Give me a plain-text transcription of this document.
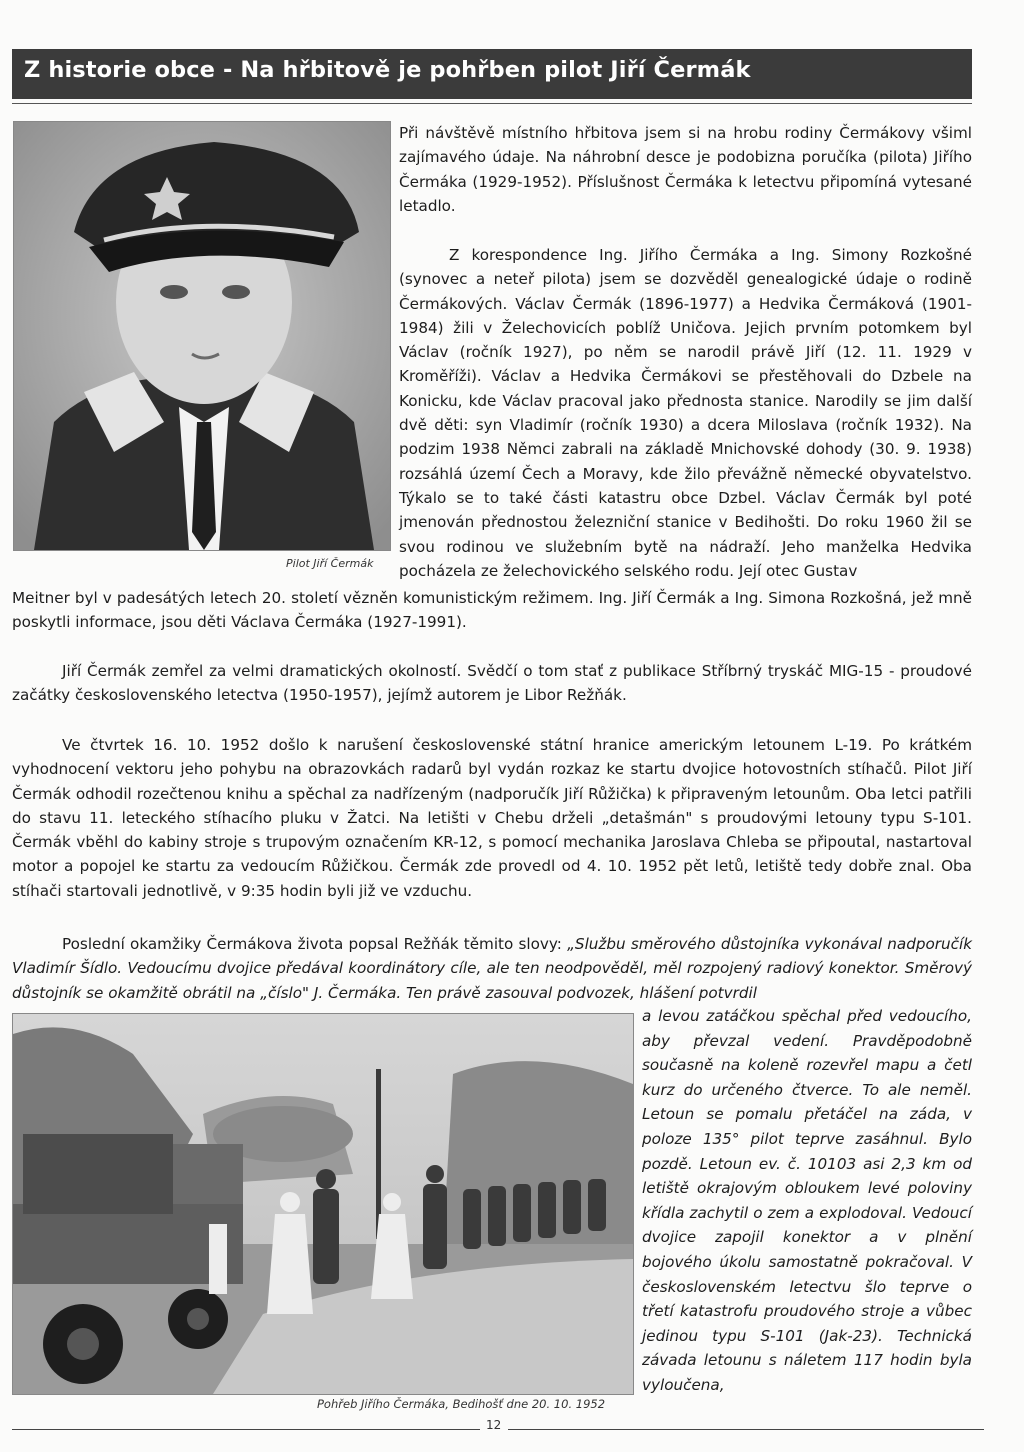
Z historie obce - Na hřbitově je pohřben pilot Jiří Čermák
Pilot Jiří Čermák
Při návštěvě místního hřbitova jsem si na hrobu rodiny Čermákovy všiml zajímavého údaje. Na náhrobní desce je podobizna poručíka (pilota) Jiřího Čermáka (1929-1952). Příslušnost Čermáka k letectvu připomíná vytesané letadlo.
Z korespondence Ing. Jiřího Čermáka a Ing. Simony Rozkošné (synovec a neteř pilota) jsem se dozvěděl genealogické údaje o rodině Čermákových. Václav Čermák (1896-1977) a Hedvika Čermáková (1901-1984) žili v Želechovicích poblíž Uničova. Jejich prvním potomkem byl Václav (ročník 1927), po něm se narodil právě Jiří (12. 11. 1929 v Kroměříži). Václav a Hedvika Čermákovi se přestěhovali do Dzbele na Konicku, kde Václav pracoval jako přednosta stanice. Narodily se jim další dvě děti: syn Vladimír (ročník 1930) a dcera Miloslava (ročník 1932). Na podzim 1938 Němci zabrali na základě Mnichovské dohody (30. 9. 1938) rozsáhlá území Čech a Moravy, kde žilo převážně německé obyvatelstvo. Týkalo se to také části katastru obce Dzbel. Václav Čermák byl poté jmenován přednostou železniční stanice v Bedihošti. Do roku 1960 žil se svou rodinou ve služebním bytě na nádraží. Jeho manželka Hedvika pocházela ze želechovického selského rodu. Její otec Gustav
Meitner byl v padesátých letech 20. století vězněn komunistickým režimem. Ing. Jiří Čermák a Ing. Simona Rozkošná, jež mně poskytli informace, jsou děti Václava Čermáka (1927-1991).
Jiří Čermák zemřel za velmi dramatických okolností. Svědčí o tom stať z publikace Stříbrný tryskáč MIG-15 - proudové začátky československého letectva (1950-1957), jejímž autorem je Libor Režňák.
Ve čtvrtek 16. 10. 1952 došlo k narušení československé státní hranice americkým letounem L-19. Po krátkém vyhodnocení vektoru jeho pohybu na obrazovkách radarů byl vydán rozkaz ke startu dvojice hotovostních stíhačů. Pilot Jiří Čermák odhodil rozečtenou knihu a spěchal za nadřízeným (nadporučík Jiří Růžička) k připraveným letounům. Oba letci patřili do stavu 11. leteckého stíhacího pluku v Žatci. Na letišti v Chebu drželi „detašmán" s proudovými letouny typu S-101. Čermák vběhl do kabiny stroje s trupovým označením KR-12, s pomocí mechanika Jaroslava Chleba se připoutal, nastartoval motor a popojel ke startu za vedoucím Růžičkou. Čermák zde provedl od 4. 10. 1952 pět letů, letiště tedy dobře znal. Oba stíhači startovali jednotlivě, v 9:35 hodin byli již ve vzduchu.
Poslední okamžiky Čermákova života popsal Režňák těmito slovy: „Službu směrového důstojníka vykonával nadporučík Vladimír Šídlo. Vedoucímu dvojice předával koordinátory cíle, ale ten neodpověděl, měl rozpojený radiový konektor. Směrový důstojník se okamžitě obrátil na „číslo" J. Čermáka. Ten právě zasouval podvozek, hlášení potvrdil
Pohřeb Jiřího Čermáka, Bedihošť dne 20. 10. 1952
a levou zatáčkou spěchal před vedoucího, aby převzal vedení. Pravděpodobně současně na koleně rozevřel mapu a četl kurz do určeného čtverce. To ale neměl. Letoun se pomalu přetáčel na záda, v poloze 135° pilot teprve zasáhnul. Bylo pozdě. Letoun ev. č. 10103 asi 2,3 km od letiště okrajovým obloukem levé poloviny křídla zachytil o zem a explodoval. Vedoucí dvojice zapojil konektor a v plnění bojového úkolu samostatně pokračoval. V československém letectvu šlo teprve o třetí katastrofu proudového stroje a vůbec jedinou typu S-101 (Jak-23). Technická závada letounu s náletem 117 hodin byla vyloučena,
12
